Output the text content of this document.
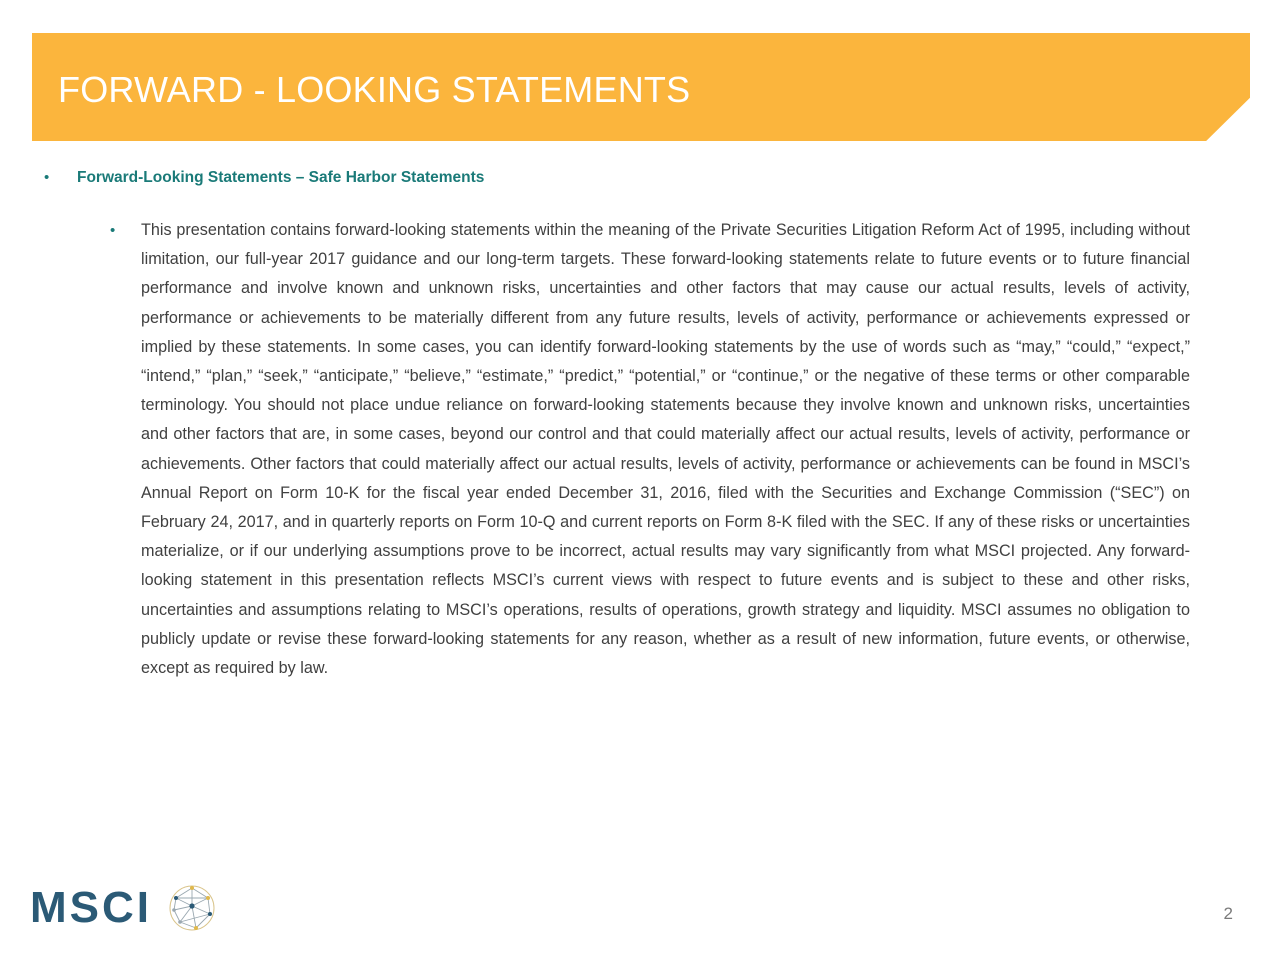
FORWARD - LOOKING STATEMENTS
•	Forward-Looking Statements – Safe Harbor Statements
•	This presentation contains forward-looking statements within the meaning of the Private Securities Litigation Reform Act of 1995, including without limitation, our full-year 2017 guidance and our long-term targets. These forward-looking statements relate to future events or to future financial performance and involve known and unknown risks, uncertainties and other factors that may cause our actual results, levels of activity, performance or achievements to be materially different from any future results, levels of activity, performance or achievements expressed or implied by these statements. In some cases, you can identify forward-looking statements by the use of words such as “may,” “could,” “expect,” “intend,” “plan,” “seek,” “anticipate,” “believe,” “estimate,” “predict,” “potential,” or “continue,” or the negative of these terms or other comparable terminology. You should not place undue reliance on forward-looking statements because they involve known and unknown risks, uncertainties and other factors that are, in some cases, beyond our control and that could materially affect our actual results, levels of activity, performance or achievements. Other factors that could materially affect our actual results, levels of activity, performance or achievements can be found in MSCI’s Annual Report on Form 10-K for the fiscal year ended December 31, 2016, filed with the Securities and Exchange Commission (“SEC”) on February 24, 2017, and in quarterly reports on Form 10-Q and current reports on Form 8-K filed with the SEC. If any of these risks or uncertainties materialize, or if our underlying assumptions prove to be incorrect, actual results may vary significantly from what MSCI projected. Any forward-looking statement in this presentation reflects MSCI’s current views with respect to future events and is subject to these and other risks, uncertainties and assumptions relating to MSCI’s operations, results of operations, growth strategy and liquidity. MSCI assumes no obligation to publicly update or revise these forward-looking statements for any reason, whether as a result of new information, future events, or otherwise, except as required by law.

MSCI	2
